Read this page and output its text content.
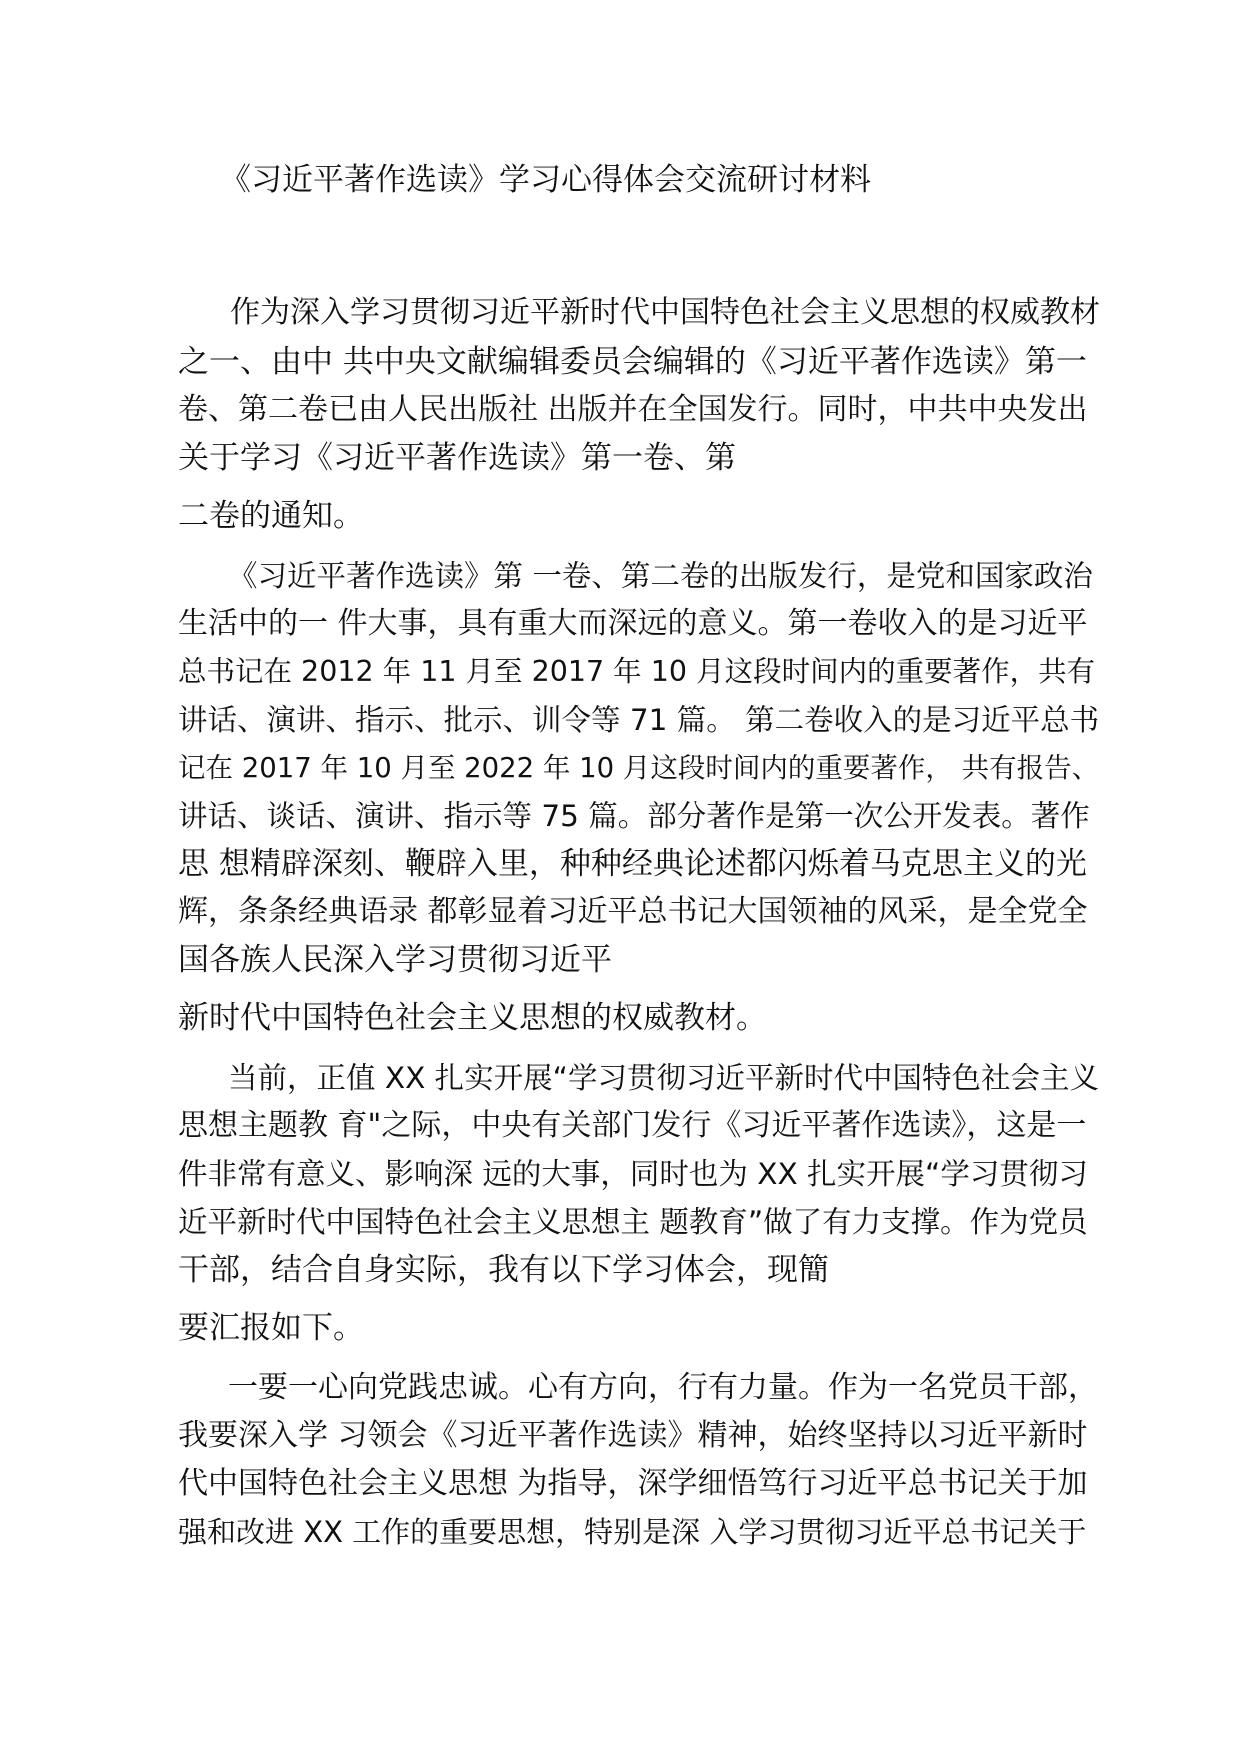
《习近平著作选读》学习心得体会交流研讨材料
作为深入学习贯彻习近平新时代中国特色社会主义思想的权威教材
之一、由中 共中央文献编辑委员会编辑的《习近平著作选读》第一
卷、第二卷已由人民出版社 出版并在全国发行。同时，中共中央发出
关于学习《习近平著作选读》第一卷、第
二卷的通知。
《习近平著作选读》第 一卷、第二卷的出版发行，是党和国家政治
生活中的一 件大事，具有重大而深远的意义。第一卷收入的是习近平
总书记在 2012 年 11 月至 2017 年 10 月这段时间内的重要著作，共有
讲话、演讲、指示、批示、训令等 71 篇。 第二卷收入的是习近平总书
记在 2017 年 10 月至 2022 年 10 月这段时间内的重要著作， 共有报告、
讲话、谈话、演讲、指示等 75 篇。部分著作是第一次公开发表。著作
思 想精辟深刻、鞭辟入里，种种经典论述都闪烁着马克思主义的光
辉，条条经典语录 都彰显着习近平总书记大国领袖的风采，是全党全
国各族人民深入学习贯彻习近平
新时代中国特色社会主义思想的权威教材。
当前，正值 XX 扎实开展“学习贯彻习近平新时代中国特色社会主义
思想主题教 育"之际，中央有关部门发行《习近平著作选读》，这是一
件非常有意义、影响深 远的大事，同时也为 XX 扎实开展“学习贯彻习
近平新时代中国特色社会主义思想主 题教育”做了有力支撑。作为党员
干部，结合自身实际，我有以下学习体会，现簡
要汇报如下。
一要一心向党践忠诚。心有方向，行有力量。作为一名党员干部，
我要深入学 习领会《习近平著作选读》精神，始终坚持以习近平新时
代中国特色社会主义思想 为指导，深学细悟笃行习近平总书记关于加
强和改进 XX 工作的重要思想，特别是深 入学习贯彻习近平总书记关于
